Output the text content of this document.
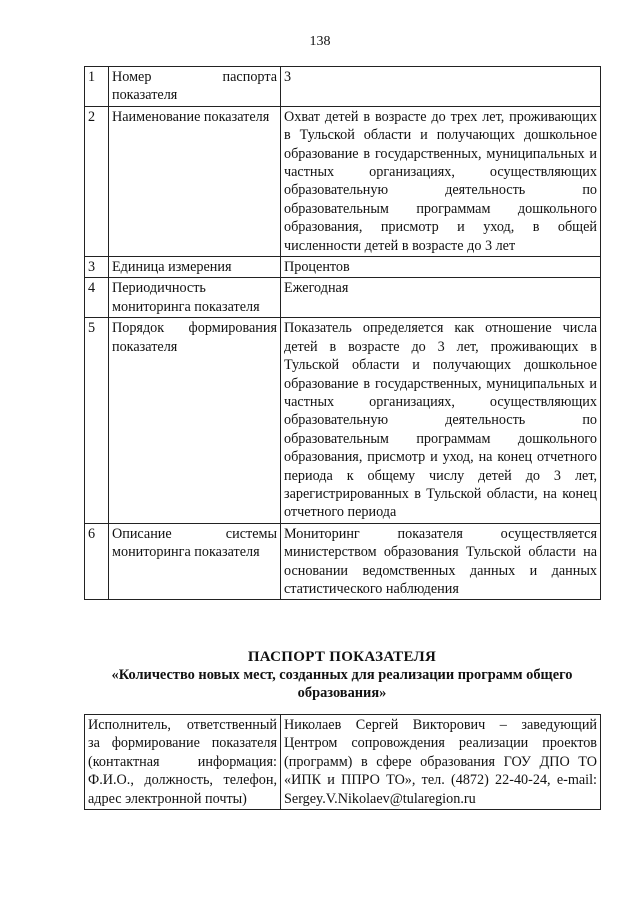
138
1	Номер паспорта показателя	3
2	Наименование показателя	Охват детей в возрасте до трех лет, проживающих в Тульской области и получающих дошкольное образование в государственных, муниципальных и частных организациях, осуществляющих образовательную деятельность по образовательным программам дошкольного образования, присмотр и уход, в общей численности детей в возрасте до 3 лет
3	Единица измерения	Процентов
4	Периодичность мониторинга показателя	Ежегодная
5	Порядок формирования показателя	Показатель определяется как отношение числа детей в возрасте до 3 лет, проживающих в Тульской области и получающих дошкольное образование в государственных, муниципальных и частных организациях, осуществляющих образовательную деятельность по образовательным программам дошкольного образования, присмотр и уход, на конец отчетного периода к общему числу детей до 3 лет, зарегистрированных в Тульской области, на конец отчетного периода
6	Описание системы мониторинга показателя	Мониторинг показателя осуществляется министерством образования Тульской области на основании ведомственных данных и данных статистического наблюдения
ПАСПОРТ ПОКАЗАТЕЛЯ
«Количество новых мест, созданных для реализации программ общего образования»
Исполнитель, ответственный за формирование показателя (контактная информация: Ф.И.О., должность, телефон, адрес электронной почты)	Николаев Сергей Викторович – заведующий Центром сопровождения реализации проектов (программ) в сфере образования ГОУ ДПО ТО «ИПК и ППРО ТО», тел. (4872) 22-40-24, e-mail: Sergey.V.Nikolaev@tularegion.ru
